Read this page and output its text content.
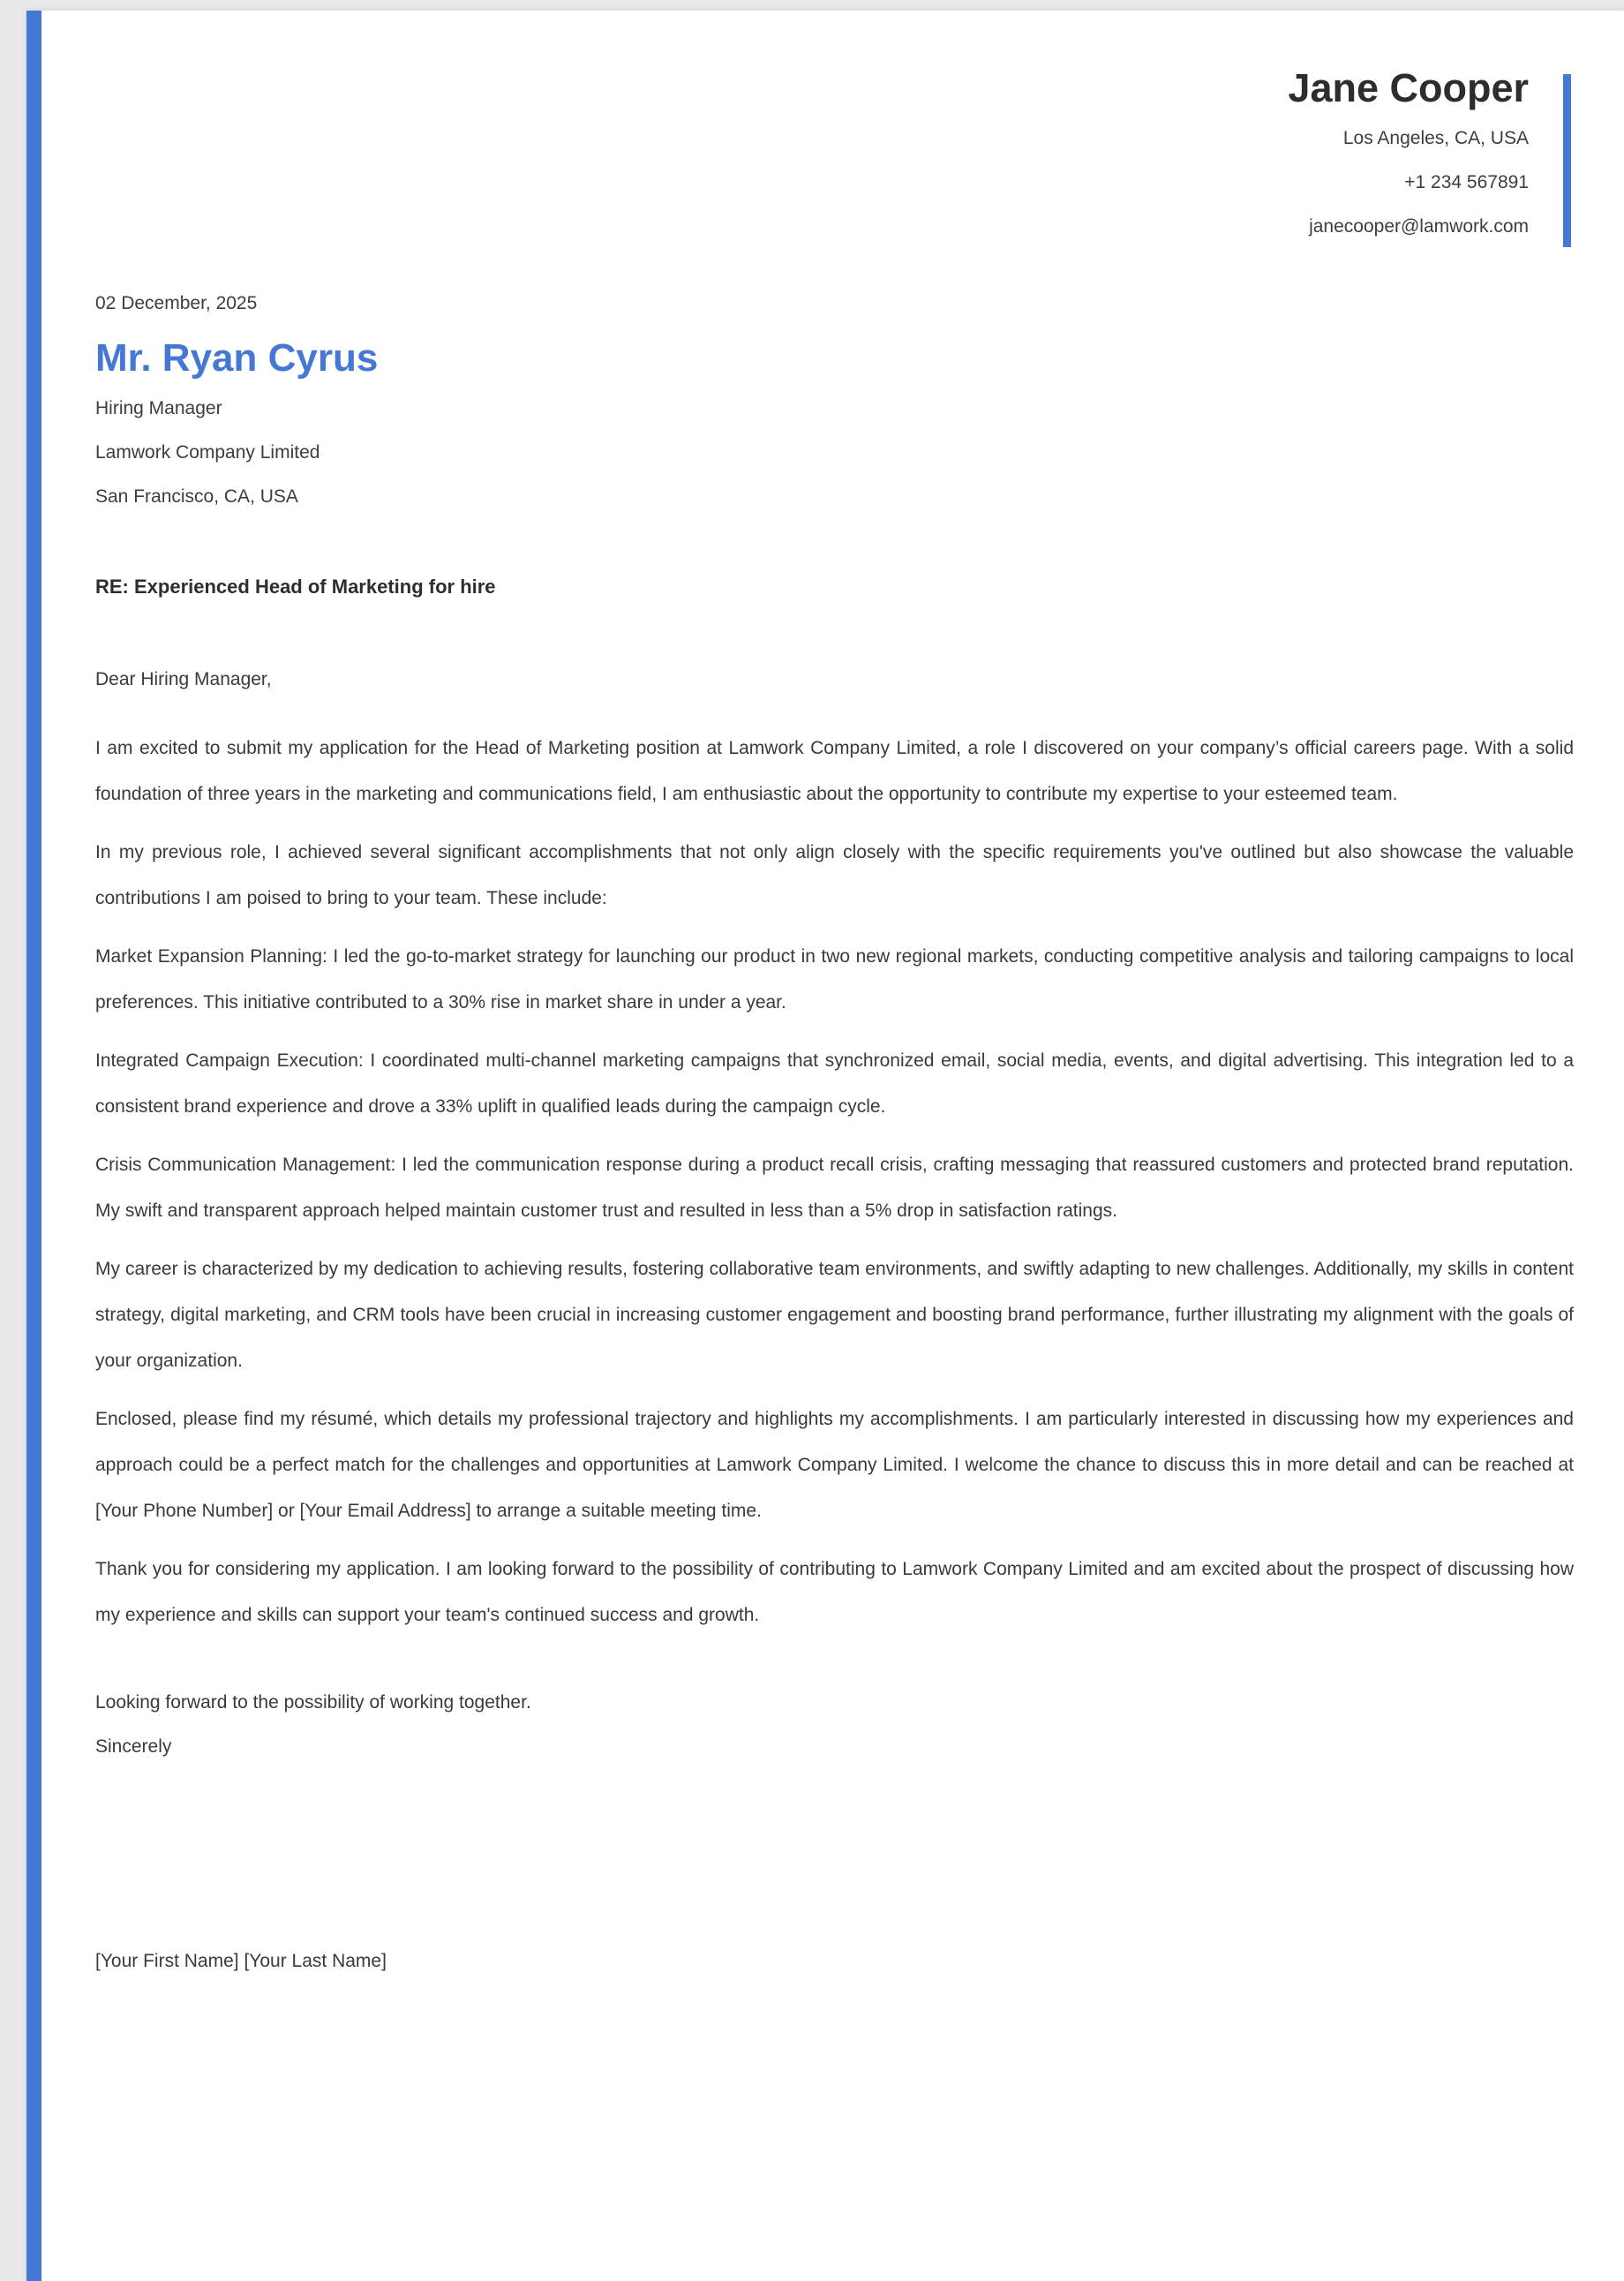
Jane Cooper
Los Angeles, CA, USA
+1 234 567891
janecooper@lamwork.com
02 December, 2025
Mr. Ryan Cyrus
Hiring Manager
Lamwork Company Limited
San Francisco, CA, USA
RE: Experienced Head of Marketing for hire
Dear Hiring Manager,

I am excited to submit my application for the Head of Marketing position at Lamwork Company Limited, a role I discovered on your company’s official careers page. With a solid foundation of three years in the marketing and communications field, I am enthusiastic about the opportunity to contribute my expertise to your esteemed team.

In my previous role, I achieved several significant accomplishments that not only align closely with the specific requirements you've outlined but also showcase the valuable contributions I am poised to bring to your team. These include:

Market Expansion Planning: I led the go-to-market strategy for launching our product in two new regional markets, conducting competitive analysis and tailoring campaigns to local preferences. This initiative contributed to a 30% rise in market share in under a year.

Integrated Campaign Execution: I coordinated multi-channel marketing campaigns that synchronized email, social media, events, and digital advertising. This integration led to a consistent brand experience and drove a 33% uplift in qualified leads during the campaign cycle.

Crisis Communication Management: I led the communication response during a product recall crisis, crafting messaging that reassured customers and protected brand reputation. My swift and transparent approach helped maintain customer trust and resulted in less than a 5% drop in satisfaction ratings.

My career is characterized by my dedication to achieving results, fostering collaborative team environments, and swiftly adapting to new challenges. Additionally, my skills in content strategy, digital marketing, and CRM tools have been crucial in increasing customer engagement and boosting brand performance, further illustrating my alignment with the goals of your organization.

Enclosed, please find my résumé, which details my professional trajectory and highlights my accomplishments. I am particularly interested in discussing how my experiences and approach could be a perfect match for the challenges and opportunities at Lamwork Company Limited. I welcome the chance to discuss this in more detail and can be reached at [Your Phone Number] or [Your Email Address] to arrange a suitable meeting time.

Thank you for considering my application. I am looking forward to the possibility of contributing to Lamwork Company Limited and am excited about the prospect of discussing how my experience and skills can support your team's continued success and growth.

Looking forward to the possibility of working together.
Sincerely
[Your First Name] [Your Last Name]
